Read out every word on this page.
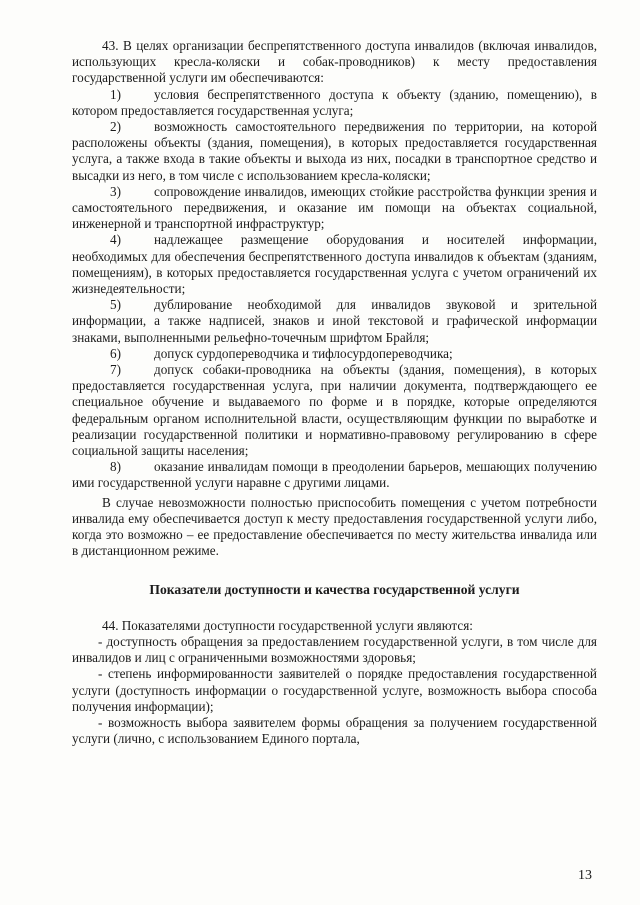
43. В целях организации беспрепятственного доступа инвалидов (включая инвалидов, использующих кресла-коляски и собак-проводников) к месту предоставления государственной услуги им обеспечиваются:

1)	условия беспрепятственного доступа к объекту (зданию, помещению), в котором предоставляется государственная услуга;

2)	возможность самостоятельного передвижения по территории, на которой расположены объекты (здания, помещения), в которых предоставляется государственная услуга, а также входа в такие объекты и выхода из них, посадки в транспортное средство и высадки из него, в том числе с использованием кресла-коляски;

3)	сопровождение инвалидов, имеющих стойкие расстройства функции зрения и самостоятельного передвижения, и оказание им помощи на объектах социальной, инженерной и транспортной инфраструктур;

4)	надлежащее размещение оборудования и носителей информации, необходимых для обеспечения беспрепятственного доступа инвалидов к объектам (зданиям, помещениям), в которых предоставляется государственная услуга с учетом ограничений их жизнедеятельности;

5)	дублирование необходимой для инвалидов звуковой и зрительной информации, а также надписей, знаков и иной текстовой и графической информации знаками, выполненными рельефно-точечным шрифтом Брайля;

6)	допуск сурдопереводчика и тифлосурдопереводчика;

7)	допуск собаки-проводника на объекты (здания, помещения), в которых предоставляется государственная услуга, при наличии документа, подтверждающего ее специальное обучение и выдаваемого по форме и в порядке, которые определяются федеральным органом исполнительной власти, осуществляющим функции по выработке и реализации государственной политики и нормативно-правовому регулированию в сфере социальной защиты населения;

8)	оказание инвалидам помощи в преодолении барьеров, мешающих получению ими государственной услуги наравне с другими лицами.

В случае невозможности полностью приспособить помещения с учетом потребности инвалида ему обеспечивается доступ к месту предоставления государственной услуги либо, когда это возможно – ее предоставление обеспечивается по месту жительства инвалида или в дистанционном режиме.

Показатели доступности и качества государственной услуги

44. Показателями доступности государственной услуги являются:

- доступность обращения за предоставлением государственной услуги, в том числе для инвалидов и лиц с ограниченными возможностями здоровья;

- степень информированности заявителей о порядке предоставления государственной услуги (доступность информации о государственной услуге, возможность выбора способа получения информации);

- возможность выбора заявителем формы обращения за получением государственной услуги (лично, с использованием Единого портала,

13
